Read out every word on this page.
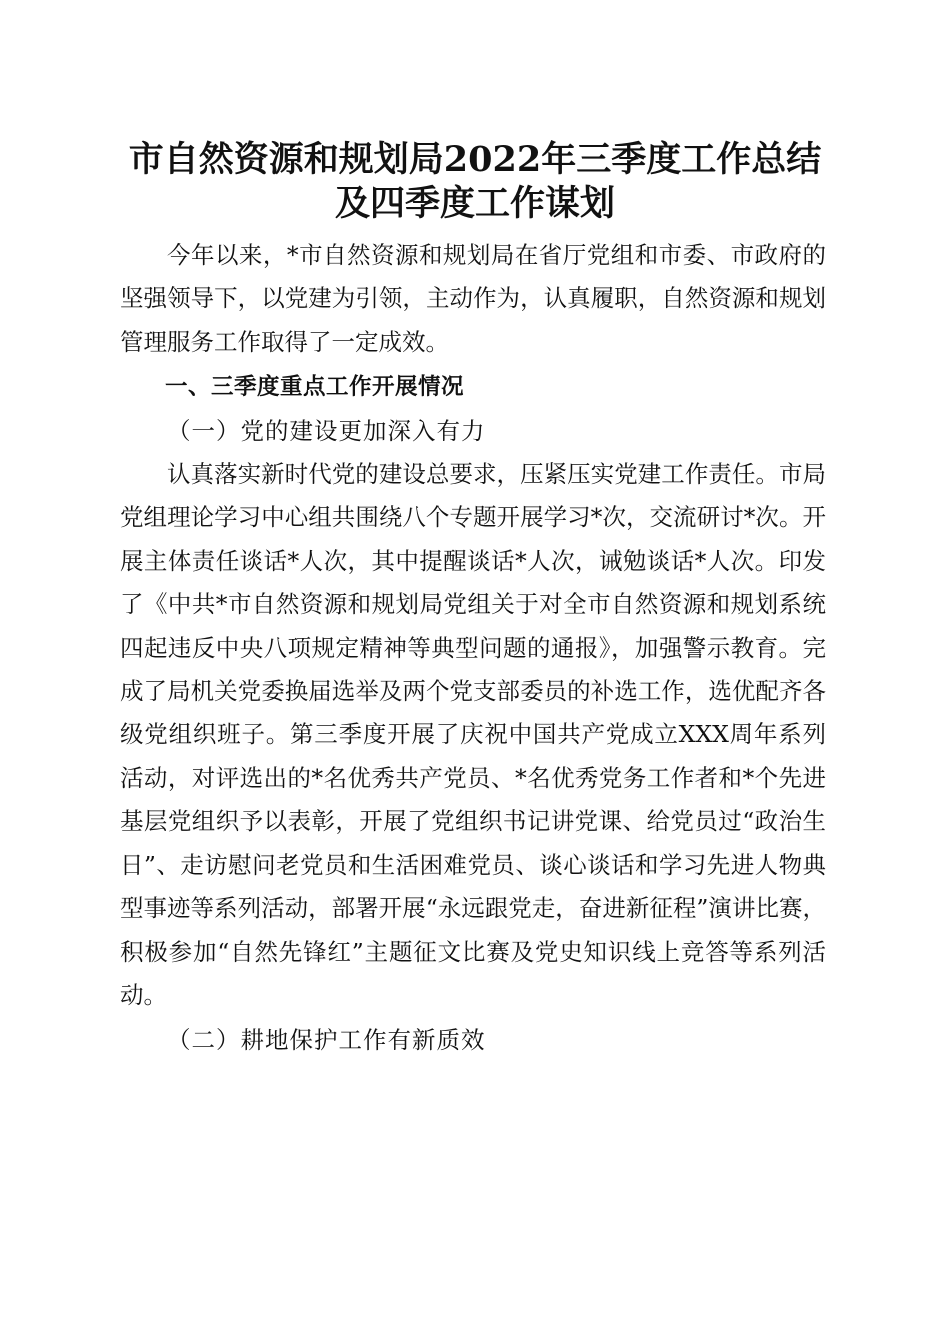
市自然资源和规划局2022年三季度工作总结
及四季度工作谋划

今年以来，*市自然资源和规划局在省厅党组和市委、市政府的坚强领导下，以党建为引领，主动作为，认真履职，自然资源和规划管理服务工作取得了一定成效。

一、三季度重点工作开展情况

（一）党的建设更加深入有力

认真落实新时代党的建设总要求，压紧压实党建工作责任。市局党组理论学习中心组共围绕八个专题开展学习*次，交流研讨*次。开展主体责任谈话*人次，其中提醒谈话*人次，诫勉谈话*人次。印发了《中共*市自然资源和规划局党组关于对全市自然资源和规划系统四起违反中央八项规定精神等典型问题的通报》，加强警示教育。完成了局机关党委换届选举及两个党支部委员的补选工作，选优配齐各级党组织班子。第三季度开展了庆祝中国共产党成立XXX周年系列活动，对评选出的*名优秀共产党员、*名优秀党务工作者和*个先进基层党组织予以表彰，开展了党组织书记讲党课、给党员过“政治生日”、走访慰问老党员和生活困难党员、谈心谈话和学习先进人物典型事迹等系列活动，部署开展“永远跟党走，奋进新征程”演讲比赛，积极参加“自然先锋红”主题征文比赛及党史知识线上竞答等系列活动。

（二）耕地保护工作有新质效
